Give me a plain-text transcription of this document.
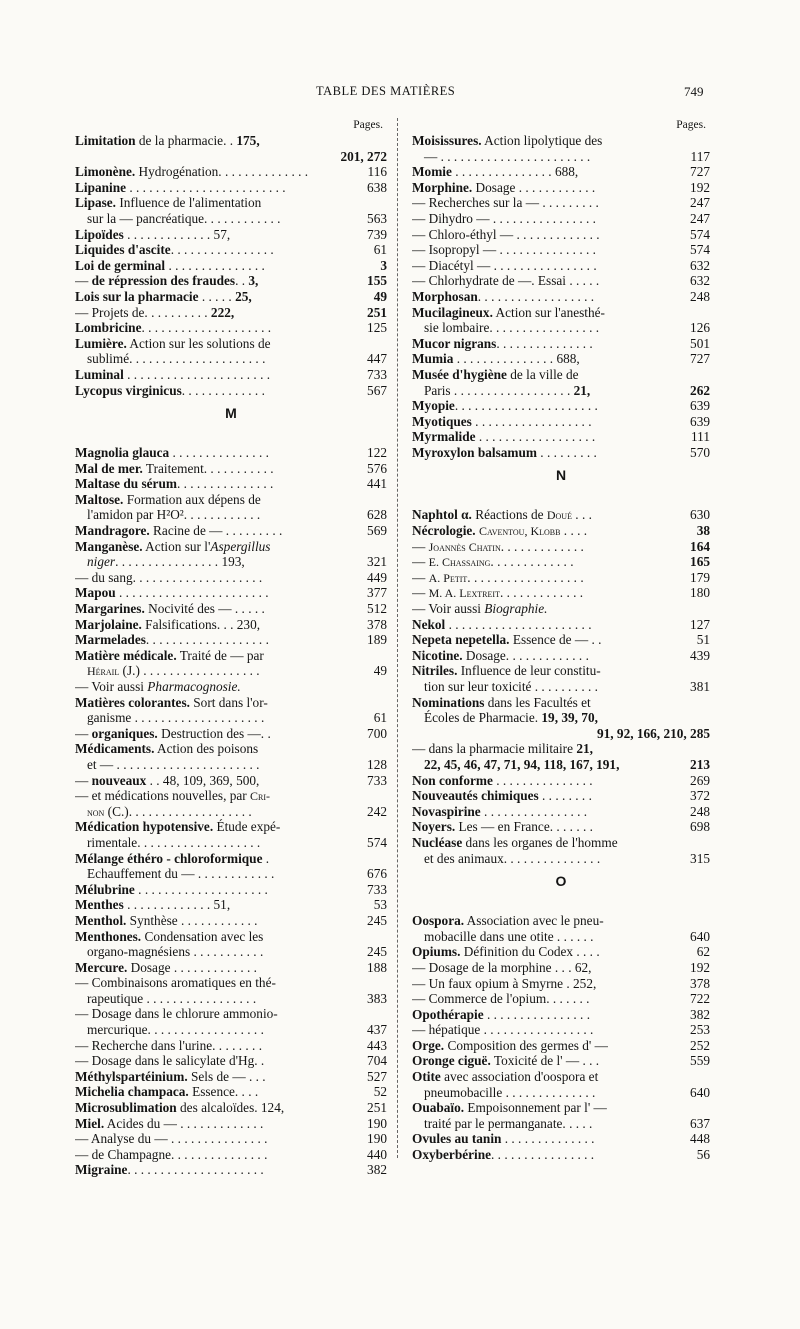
TABLE DES MATIÈRES	749
Pages.
Limitation de la pharmacie. . 175,
201, 272
Limonène. Hydrogénation. . . . . . . . . . . . . .	116
Lipanine . . . . . . . . . . . . . . . . . . . . . . . .	638
Lipase. Influence de l'alimentation
sur la — pancréatique. . . . . . . . . . . .	563
Lipoïdes . . . . . . . . . . . . . 57,	739
Liquides d'ascite. . . . . . . . . . . . . . . .	61
Loi de germinal . . . . . . . . . . . . . . .	3
— de répression des fraudes. . 3,	155
Lois sur la pharmacie . . . . . 25,	49
— Projets de. . . . . . . . . . 222,	251
Lombricine. . . . . . . . . . . . . . . . . . . .	125
Lumière. Action sur les solutions de
sublimé. . . . . . . . . . . . . . . . . . . . .	447
Luminal . . . . . . . . . . . . . . . . . . . . . .	733
Lycopus virginicus. . . . . . . . . . . . .	567
M
Magnolia glauca . . . . . . . . . . . . . . .	122
Mal de mer. Traitement. . . . . . . . . . .	576
Maltase du sérum. . . . . . . . . . . . . . .	441
Maltose. Formation aux dépens de
l'amidon par H²O². . . . . . . . . . . .	628
Mandragore. Racine de — . . . . . . . . .	569
Manganèse. Action sur l'Aspergillus
niger. . . . . . . . . . . . . . . . 193,	321
— du sang. . . . . . . . . . . . . . . . . . . .	449
Mapou . . . . . . . . . . . . . . . . . . . . . . .	377
Margarines. Nocivité des — . . . . .	512
Marjolaine. Falsifications. . . 230,	378
Marmelades. . . . . . . . . . . . . . . . . . .	189
Matière médicale. Traité de — par
Hérail (J.) . . . . . . . . . . . . . . . . . .	49
— Voir aussi Pharmacognosie.
Matières colorantes. Sort dans l'or-
ganisme . . . . . . . . . . . . . . . . . . . .	61
— organiques. Destruction des —. .	700
Médicaments. Action des poisons
et — . . . . . . . . . . . . . . . . . . . . . .	128
— nouveaux . . 48, 109, 369, 500,	733
— et médications nouvelles, par Cri-
non (C.). . . . . . . . . . . . . . . . . . .	242
Médication hypotensive. Étude expé-
rimentale. . . . . . . . . . . . . . . . . . .	574
Mélange éthéro - chloroformique .
Echauffement du — . . . . . . . . . . . .	676
Mélubrine . . . . . . . . . . . . . . . . . . . .	733
Menthes . . . . . . . . . . . . . 51,	53
Menthol. Synthèse . . . . . . . . . . . .	245
Menthones. Condensation avec les
organo-magnésiens . . . . . . . . . . .	245
Mercure. Dosage . . . . . . . . . . . . .	188
— Combinaisons aromatiques en thé-
rapeutique . . . . . . . . . . . . . . . . .	383
— Dosage dans le chlorure ammonio-
mercurique. . . . . . . . . . . . . . . . . .	437
— Recherche dans l'urine. . . . . . . .	443
— Dosage dans le salicylate d'Hg. .	704
Méthylspartéinium. Sels de — . . .	527
Michelia champaca. Essence. . . .	52
Microsublimation des alcaloïdes. 124,	251
Miel. Acides du — . . . . . . . . . . . . .	190
— Analyse du — . . . . . . . . . . . . . . .	190
— de Champagne. . . . . . . . . . . . . . .	440
Migraine. . . . . . . . . . . . . . . . . . . . .	382
Pages.
Moisissures. Action lipolytique des
— . . . . . . . . . . . . . . . . . . . . . . .	117
Momie . . . . . . . . . . . . . . . 688,	727
Morphine. Dosage . . . . . . . . . . . .	192
— Recherches sur la — . . . . . . . . .	247
— Dihydro — . . . . . . . . . . . . . . . .	247
— Chloro-éthyl — . . . . . . . . . . . . .	574
— Isopropyl — . . . . . . . . . . . . . . .	574
— Diacétyl — . . . . . . . . . . . . . . . .	632
— Chlorhydrate de —. Essai . . . . .	632
Morphosan. . . . . . . . . . . . . . . . . .	248
Mucilagineux. Action sur l'anesthé-
sie lombaire. . . . . . . . . . . . . . . . .	126
Mucor nigrans. . . . . . . . . . . . . . .	501
Mumia . . . . . . . . . . . . . . . 688,	727
Musée d'hygiène de la ville de
Paris . . . . . . . . . . . . . . . . . . 21,	262
Myopie. . . . . . . . . . . . . . . . . . . . . .	639
Myotiques . . . . . . . . . . . . . . . . . .	639
Myrmalide . . . . . . . . . . . . . . . . . .	111
Myroxylon balsamum . . . . . . . . .	570
N
Naphtol α. Réactions de Doué . . .	630
Nécrologie. Caventou, Klobb . . . .	38
— Joannès Chatin. . . . . . . . . . . . .	164
— E. Chassaing. . . . . . . . . . . . .	165
— A. Petit. . . . . . . . . . . . . . . . . .	179
— M. A. Lextreit. . . . . . . . . . . . .	180
— Voir aussi Biographie.
Nekol . . . . . . . . . . . . . . . . . . . . . .	127
Nepeta nepetella. Essence de — . .	51
Nicotine. Dosage. . . . . . . . . . . . .	439
Nitriles. Influence de leur constitu-
tion sur leur toxicité . . . . . . . . . .	381
Nominations dans les Facultés et
Écoles de Pharmacie. 19, 39, 70,
91, 92, 166, 210, 285
— dans la pharmacie militaire 21,
22, 45, 46, 47, 71, 94, 118, 167, 191,	213
Non conforme . . . . . . . . . . . . . . .	269
Nouveautés chimiques . . . . . . . .	372
Novaspirine . . . . . . . . . . . . . . . .	248
Noyers. Les — en France. . . . . . .	698
Nucléase dans les organes de l'homme
et des animaux. . . . . . . . . . . . . . .	315
O
Oospora. Association avec le pneu-
mobacille dans une otite . . . . . .	640
Opiums. Définition du Codex . . . .	62
— Dosage de la morphine . . . 62,	192
— Un faux opium à Smyrne . 252,	378
— Commerce de l'opium. . . . . . .	722
Opothérapie . . . . . . . . . . . . . . . .	382
— hépatique . . . . . . . . . . . . . . . . .	253
Orge. Composition des germes d' —	252
Oronge ciguë. Toxicité de l' — . . .	559
Otite avec association d'oospora et
pneumobacille . . . . . . . . . . . . . .	640
Ouabaïo. Empoisonnement par l' —
traité par le permanganate. . . . .	637
Ovules au tanin . . . . . . . . . . . . . .	448
Oxyberbérine. . . . . . . . . . . . . . . .	56
